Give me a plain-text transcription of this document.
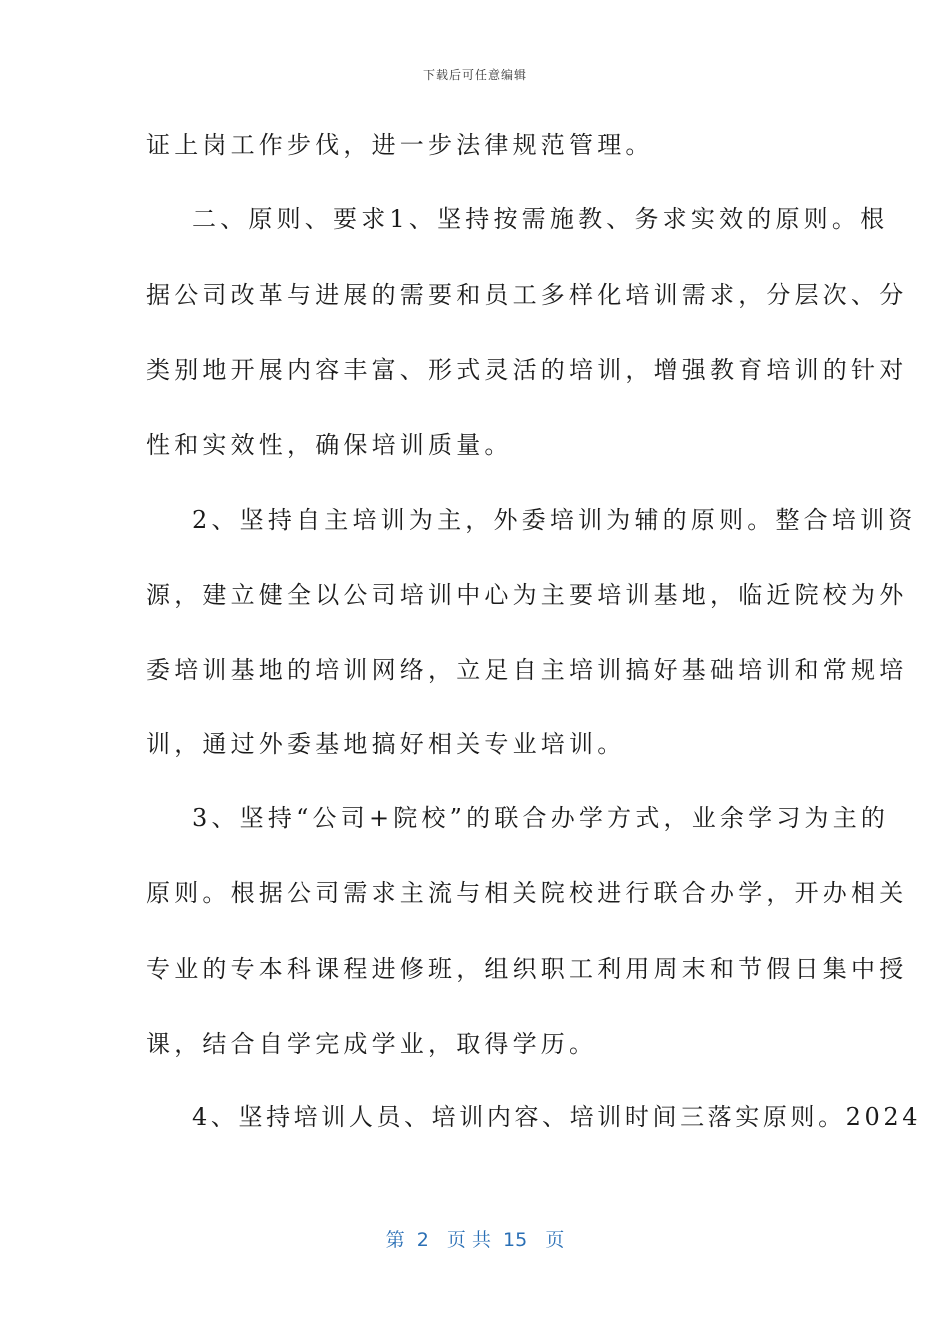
下载后可任意编辑
证上岗工作步伐，进一步法律规范管理。
二、原则、要求1、坚持按需施教、务求实效的原则。根
据公司改革与进展的需要和员工多样化培训需求，分层次、分
类别地开展内容丰富、形式灵活的培训，增强教育培训的针对
性和实效性，确保培训质量。
2、坚持自主培训为主，外委培训为辅的原则。整合培训资
源，建立健全以公司培训中心为主要培训基地，临近院校为外
委培训基地的培训网络，立足自主培训搞好基础培训和常规培
训，通过外委基地搞好相关专业培训。
3、坚持“公司+院校”的联合办学方式，业余学习为主的
原则。根据公司需求主流与相关院校进行联合办学，开办相关
专业的专本科课程进修班，组织职工利用周末和节假日集中授
课，结合自学完成学业，取得学历。
4、坚持培训人员、培训内容、培训时间三落实原则。2024
第  2   页 共  15   页
